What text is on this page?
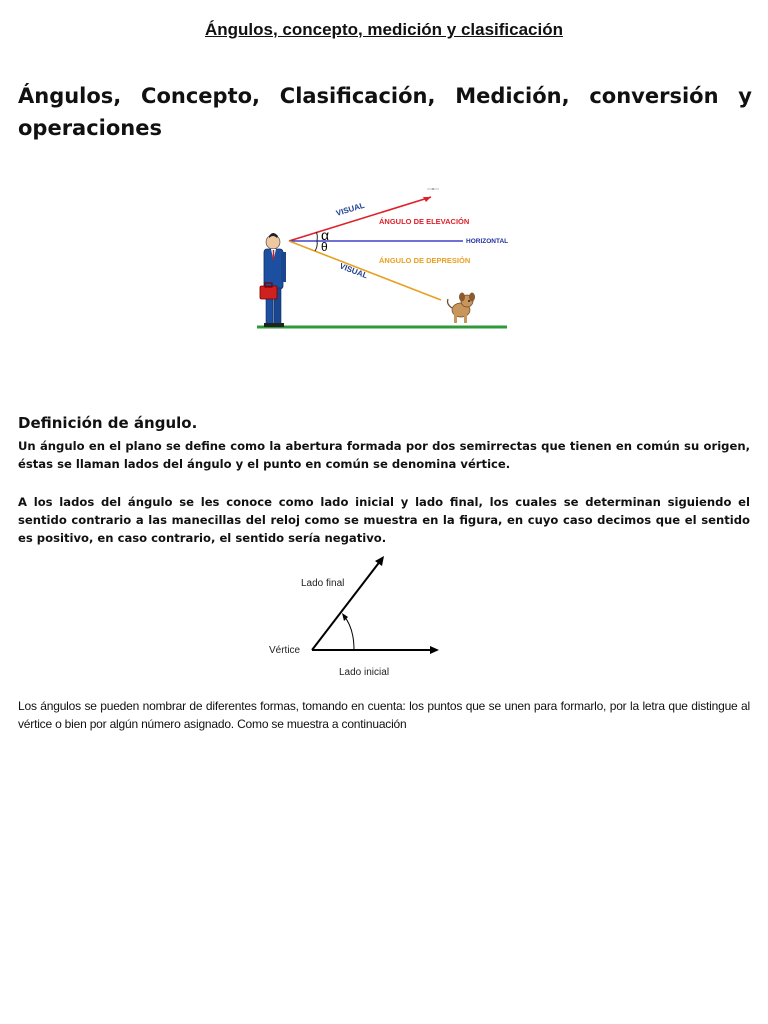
Ángulos, concepto, medición y clasificación
Ángulos, Concepto, Clasificación, Medición, conversión y operaciones
α
θ
VISUAL
ÁNGULO DE ELEVACIÓN
HORIZONTAL
ÁNGULO DE DEPRESIÓN
VISUAL
Definición de ángulo.

Un ángulo en el plano se define como la abertura formada por dos semirrectas que tienen en común su origen, éstas se llaman lados del ángulo y el punto en común se denomina vértice.

A los lados del ángulo se les conoce como lado inicial y lado final, los cuales se determinan siguiendo el sentido contrario a las manecillas del reloj como se muestra en la figura, en cuyo caso decimos que el sentido es positivo, en caso contrario, el sentido sería negativo.

Lado final
Vértice
Lado inicial

Los ángulos se pueden nombrar de diferentes formas, tomando en cuenta: los puntos que se unen para formarlo, por la letra que distingue al vértice o bien por algún número asignado. Como se muestra a continuación
